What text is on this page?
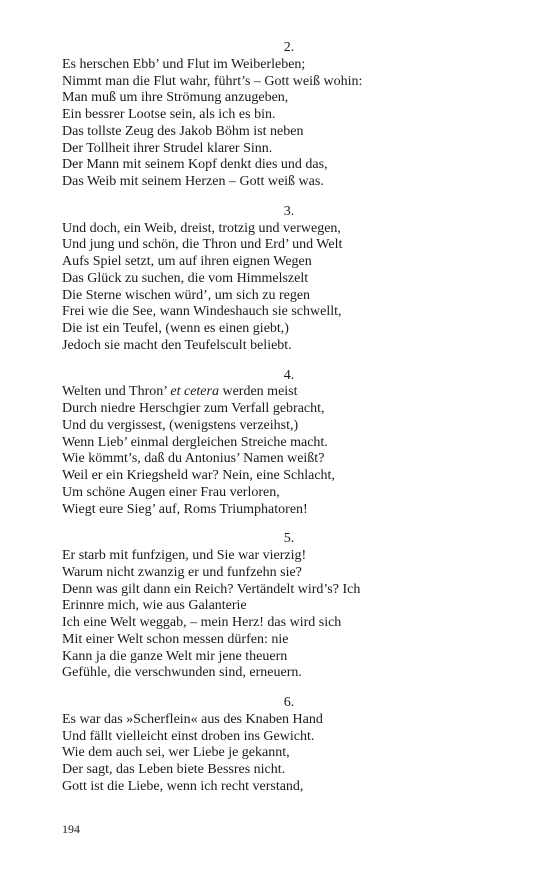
2.
Es herschen Ebb’ und Flut im Weiberleben;
Nimmt man die Flut wahr, führt’s – Gott weiß wohin:
Man muß um ihre Strömung anzugeben,
Ein bessrer Lootse sein, als ich es bin.
Das tollste Zeug des Jakob Böhm ist neben
Der Tollheit ihrer Strudel klarer Sinn.
Der Mann mit seinem Kopf denkt dies und das,
Das Weib mit seinem Herzen – Gott weiß was.
3.
Und doch, ein Weib, dreist, trotzig und verwegen,
Und jung und schön, die Thron und Erd’ und Welt
Aufs Spiel setzt, um auf ihren eignen Wegen
Das Glück zu suchen, die vom Himmelszelt
Die Sterne wischen würd’, um sich zu regen
Frei wie die See, wann Windeshauch sie schwellt,
Die ist ein Teufel, (wenn es einen giebt,)
Jedoch sie macht den Teufelscult beliebt.
4.
Welten und Thron’ et cetera werden meist
Durch niedre Herschgier zum Verfall gebracht,
Und du vergissest, (wenigstens verzeihst,)
Wenn Lieb’ einmal dergleichen Streiche macht.
Wie kömmt’s, daß du Antonius’ Namen weißt?
Weil er ein Kriegsheld war? Nein, eine Schlacht,
Um schöne Augen einer Frau verloren,
Wiegt eure Sieg’ auf, Roms Triumphatoren!
5.
Er starb mit funfzigen, und Sie war vierzig!
Warum nicht zwanzig er und funfzehn sie?
Denn was gilt dann ein Reich? Vertändelt wird’s? Ich
Erinnre mich, wie aus Galanterie
Ich eine Welt weggab, – mein Herz! das wird sich
Mit einer Welt schon messen dürfen: nie
Kann ja die ganze Welt mir jene theuern
Gefühle, die verschwunden sind, erneuern.
6.
Es war das »Scherflein« aus des Knaben Hand
Und fällt vielleicht einst droben ins Gewicht.
Wie dem auch sei, wer Liebe je gekannt,
Der sagt, das Leben biete Bessres nicht.
Gott ist die Liebe, wenn ich recht verstand,
194
